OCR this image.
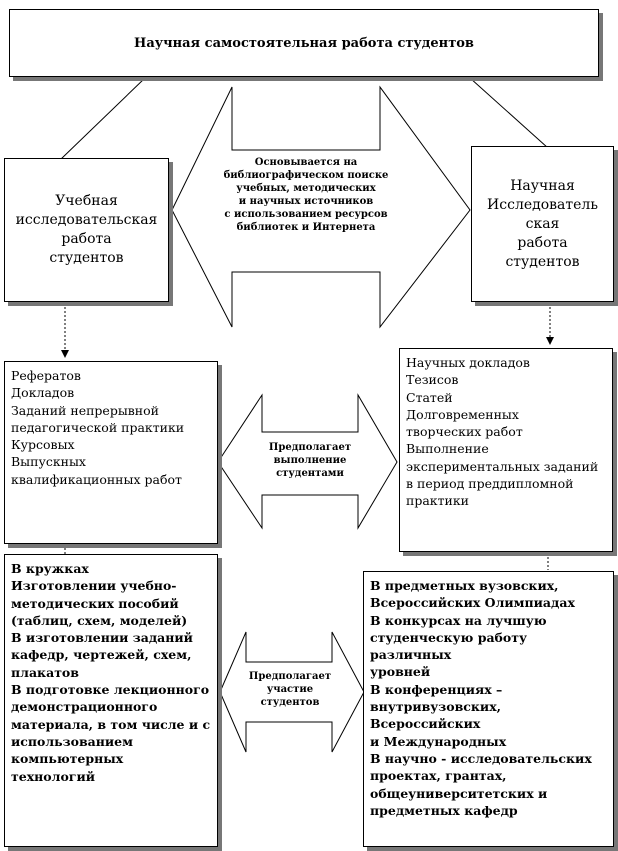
Научная самостоятельная работа студентов
Учебная
исследовательская
работа
студентов
Научная
Исследователь
ская
работа
студентов
Основывается на
библиографическом поиске
учебных, методических
и научных источников
с использованием ресурсов
библиотек и Интернета
Рефератов
Докладов
Заданий непрерывной
педагогической практики
Курсовых
Выпускных
квалификационных работ
Предполагает
выполнение
студентами
Научных докладов
Тезисов
Статей
Долговременных
творческих работ
Выполнение
экспериментальных заданий
в период преддипломной
практики
В кружках
Изготовлении учебно-
методических пособий
(таблиц, схем, моделей)
В изготовлении заданий
кафедр, чертежей, схем,
плакатов
В подготовке лекционного
демонстрационного
материала, в том числе и с
использованием
компьютерных технологий
Предполагает
участие
студентов
В предметных вузовских,
Всероссийских Олимпиадах
В конкурсах на лучшую
студенческую работу различных
уровней
В конференциях –
внутривузовских, Всероссийских
и Международных
В научно - исследовательских
проектах, грантах,
общеуниверситетских и
предметных кафедр
